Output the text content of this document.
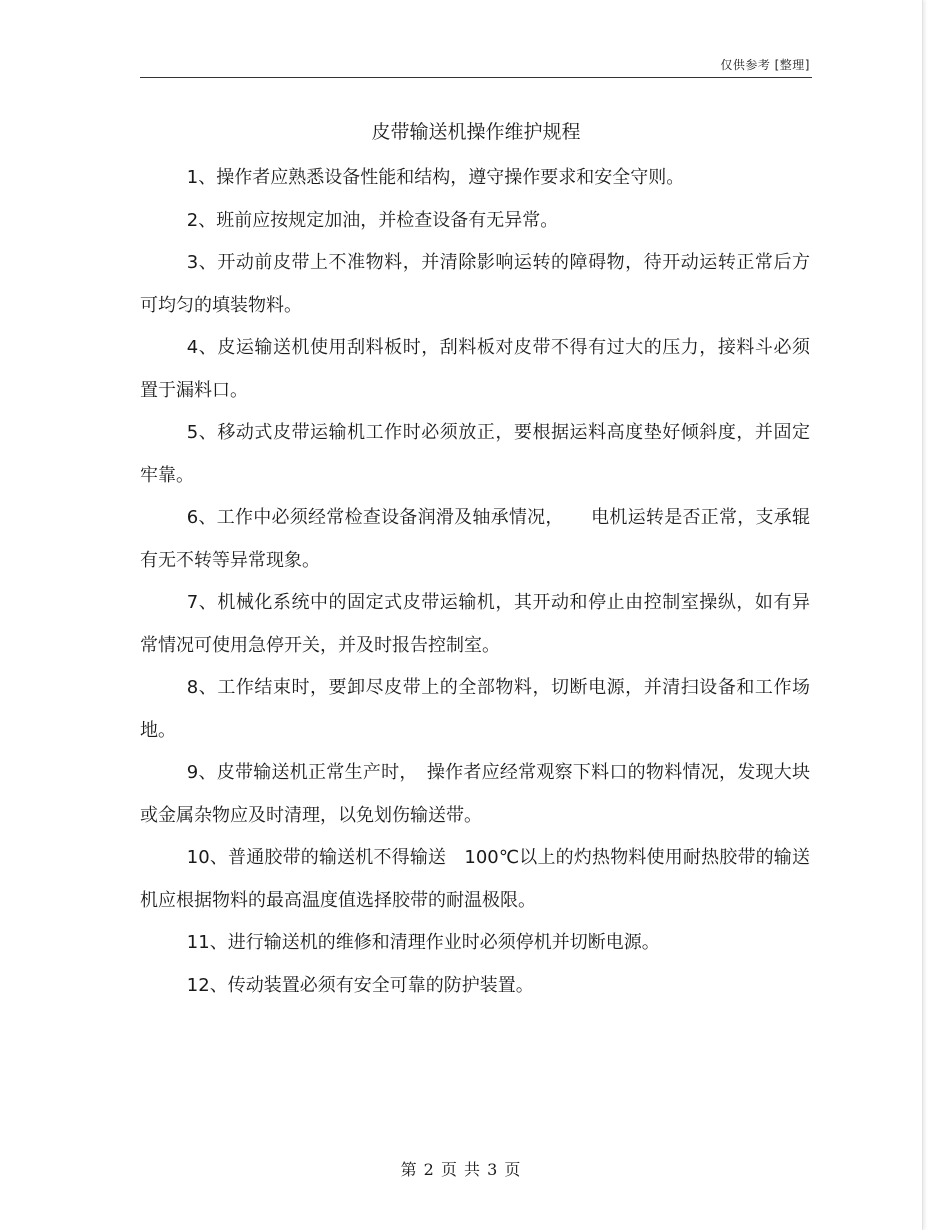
仅供参考 [整理]
皮带输送机操作维护规程

1、操作者应熟悉设备性能和结构，遵守操作要求和安全守则。

2、班前应按规定加油，并检查设备有无异常。

3、开动前皮带上不准物料，并清除影响运转的障碍物，待开动运转正常后方可均匀的填装物料。

4、皮运输送机使用刮料板时，刮料板对皮带不得有过大的压力，接料斗必须置于漏料口。

5、移动式皮带运输机工作时必须放正，要根据运料高度垫好倾斜度，并固定牢靠。

6、工作中必须经常检查设备润滑及轴承情况，　　电机运转是否正常，支承辊有无不转等异常现象。

7、机械化系统中的固定式皮带运输机，其开动和停止由控制室操纵，如有异常情况可使用急停开关，并及时报告控制室。

8、工作结束时，要卸尽皮带上的全部物料，切断电源，并清扫设备和工作场地。

9、皮带输送机正常生产时，　操作者应经常观察下料口的物料情况，发现大块或金属杂物应及时清理，以免划伤输送带。

10、普通胶带的输送机不得输送　100℃以上的灼热物料使用耐热胶带的输送机应根据物料的最高温度值选择胶带的耐温极限。

11、进行输送机的维修和清理作业时必须停机并切断电源。

12、传动装置必须有安全可靠的防护装置。

第 2 页 共 3 页
